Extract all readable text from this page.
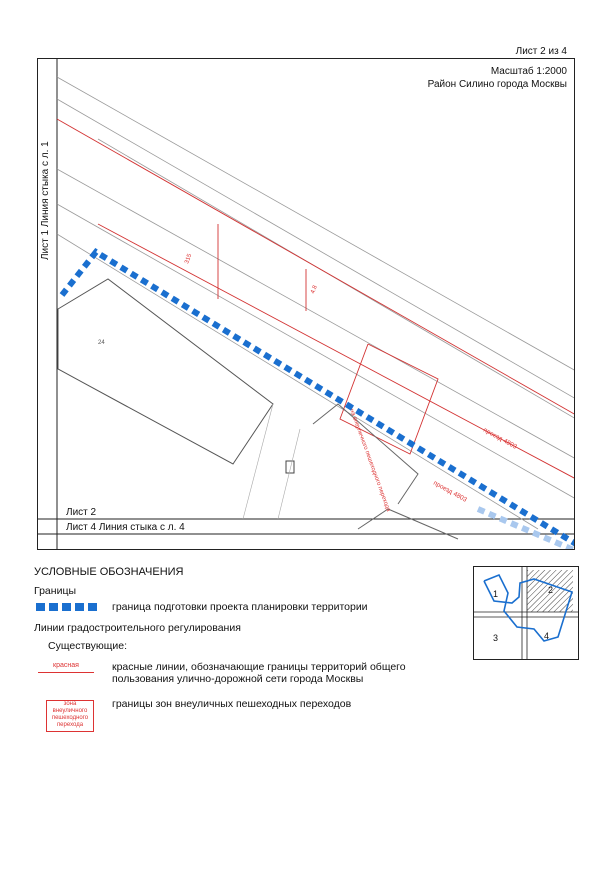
Лист 2 из 4
Масштаб 1:2000
Район Силино города Москвы
24
315
4.8
зона внеуличного пешеходного перехода	проезд 4803
проезд 4803
Лист 2
Лист 4 Линия стыка с л. 4
Лист 1 Линия стыка с л. 1
УСЛОВНЫЕ ОБОЗНАЧЕНИЯ
Границы
граница подготовки проекта планировки территории
Линии градостроительного регулирования
Существующие:
красная	красные линии, обозначающие границы территорий общего
пользования улично-дорожной сети города Москвы
зона
внеуличного
пешеходного
перехода
границы зон внеуличных пешеходных переходов
1	2
3	4
